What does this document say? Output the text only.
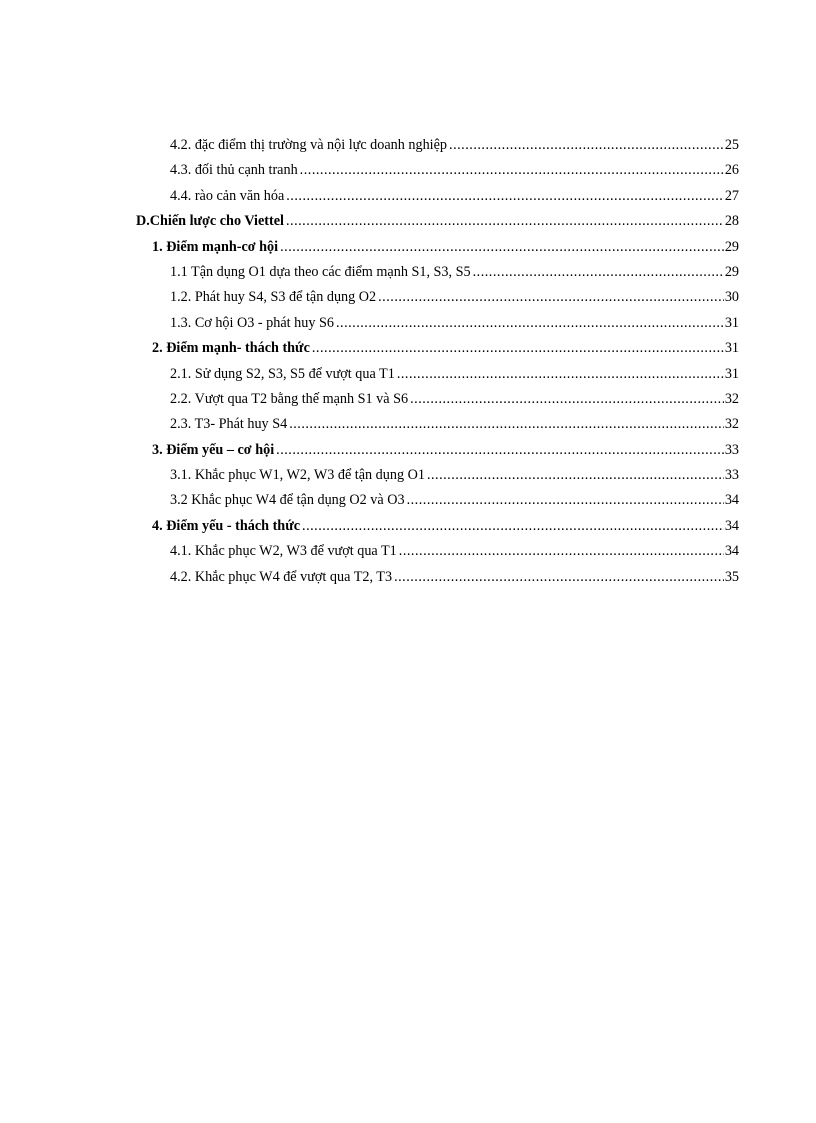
4.2. đặc điểm thị trường và nội lực doanh nghiệp .....	25
4.3. đối thủ cạnh tranh .....	26
4.4. rào cản văn hóa .....	27
D.Chiến lược cho Viettel .....	28
1. Điểm mạnh-cơ hội .....	29
1.1 Tận dụng O1 dựa theo các điểm mạnh S1, S3, S5 .....	29
1.2. Phát huy S4, S3 để tận dụng O2 .....	30
1.3. Cơ hội O3 - phát huy S6 .....	31
2. Điểm mạnh- thách thức .....	31
2.1. Sử dụng S2, S3, S5 để vượt qua T1 .....	31
2.2. Vượt qua T2 bằng thế mạnh S1 và S6 .....	32
2.3. T3- Phát huy S4 .....	32
3. Điểm yếu – cơ hội .....	33
3.1. Khắc phục W1, W2, W3 để tận dụng O1 .....	33
3.2 Khắc phục W4 để tận dụng O2 và O3 .....	34
4. Điểm yếu - thách thức .....	34
4.1. Khắc phục W2, W3 để vượt qua T1 .....	34
4.2. Khắc phục W4 để vượt qua T2, T3 .....	35
